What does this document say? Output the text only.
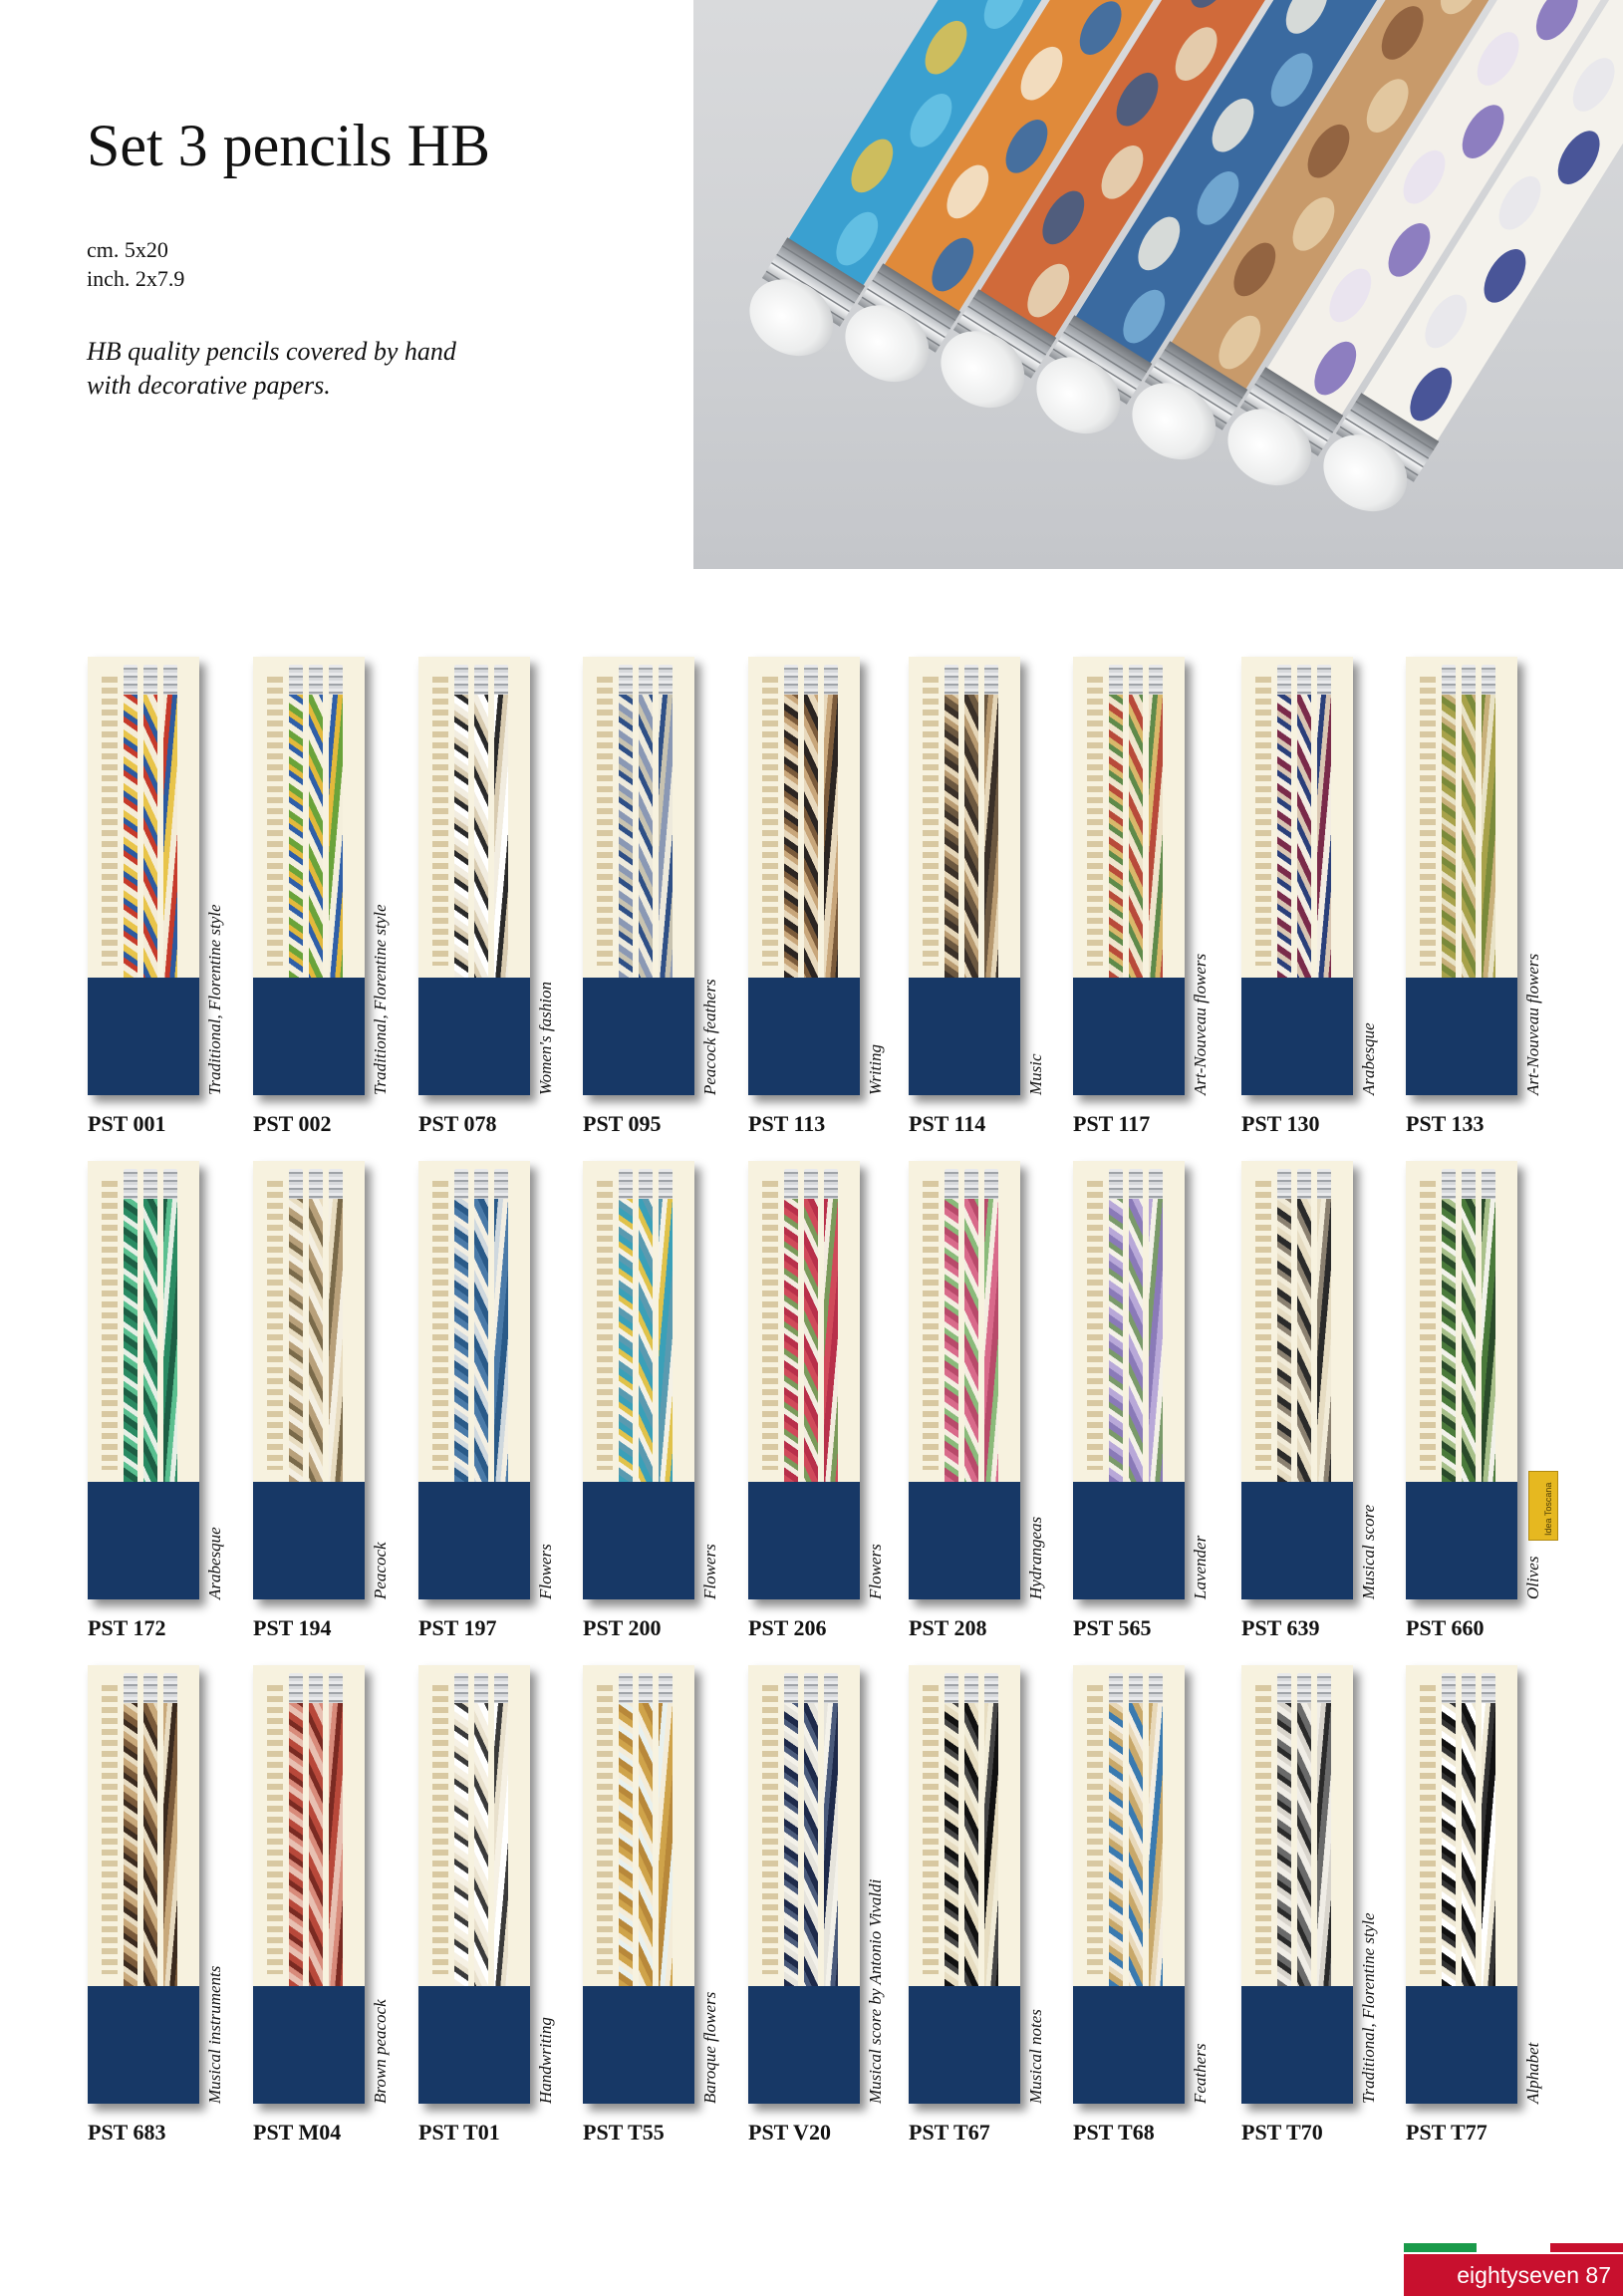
Set 3 pencils HB
cm. 5x20
inch. 2x7.9
HB quality pencils covered by hand with decorative papers.
Traditional, Florentine style
PST 001
Traditional, Florentine style
PST 002
Women's fashion
PST 078
Peacock feathers
PST 095
Writing
PST 113
Music
PST 114
Art-Nouveau flowers
PST 117
Arabesque
PST 130
Art-Nouveau flowers
PST 133
Arabesque
PST 172
Peacock
PST 194
Flowers
PST 197
Flowers
PST 200
Flowers
PST 206
Hydrangeas
PST 208
Lavender
PST 565
Musical score
PST 639
Olives
PST 660
Musical instruments
PST 683
Brown peacock
PST M04
Handwriting
PST T01
Baroque flowers
PST T55
Musical score by Antonio Vivaldi
PST V20
Musical notes
PST T67
Feathers
PST T68
Traditional, Florentine style
PST T70
Alphabet
PST T77
Idea Toscana
eightyseven 87
